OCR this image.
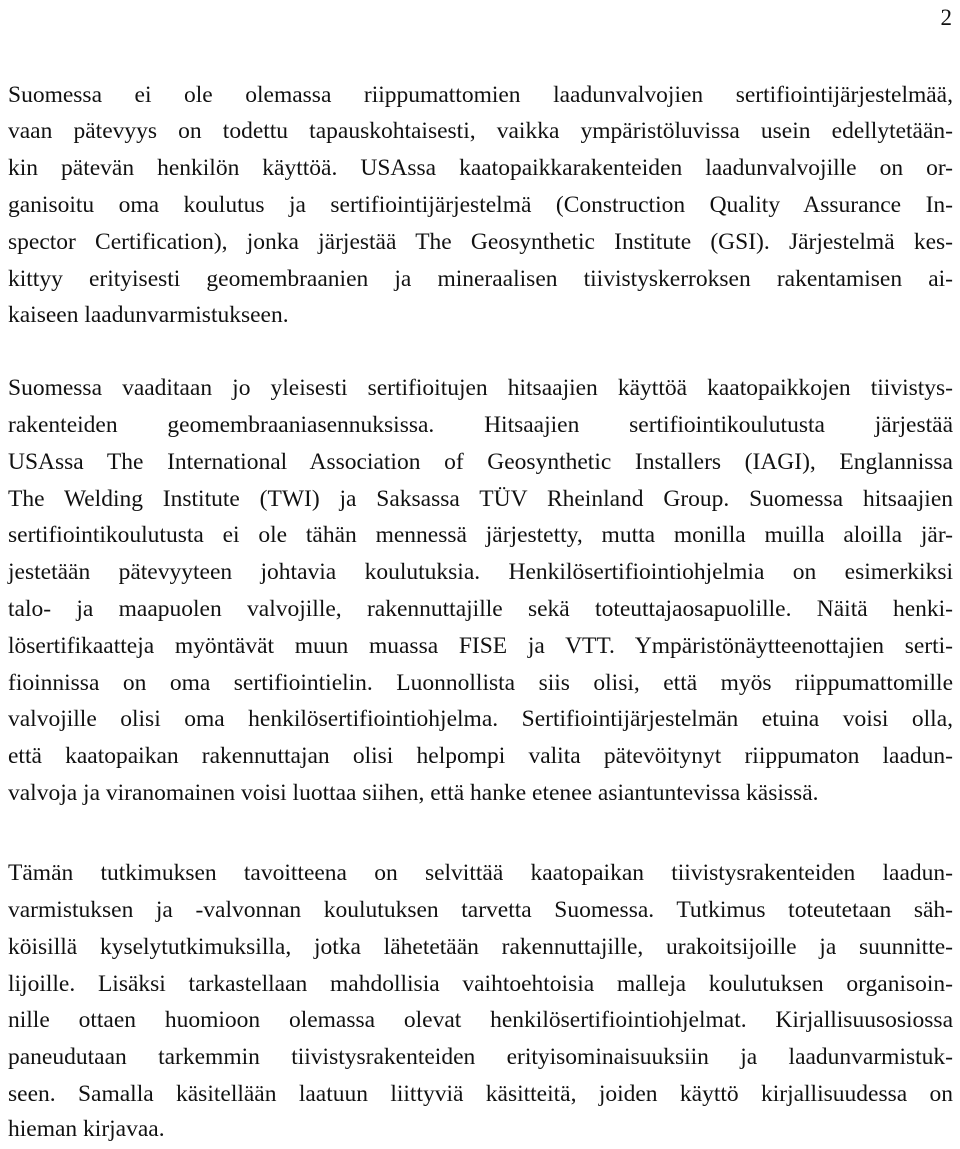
2
Suomessa ei ole olemassa riippumattomien laadunvalvojien sertifiointijärjestelmää,
vaan pätevyys on todettu tapauskohtaisesti, vaikka ympäristöluvissa usein edellytetään-
kin pätevän henkilön käyttöä. USAssa kaatopaikkarakenteiden laadunvalvojille on or-
ganisoitu oma koulutus ja sertifiointijärjestelmä (Construction Quality Assurance In-
spector Certification), jonka järjestää The Geosynthetic Institute (GSI). Järjestelmä kes-
kittyy erityisesti geomembraanien ja mineraalisen tiivistyskerroksen rakentamisen ai-
kaiseen laadunvarmistukseen.
Suomessa vaaditaan jo yleisesti sertifioitujen hitsaajien käyttöä kaatopaikkojen tiivistys-
rakenteiden geomembraaniasennuksissa. Hitsaajien sertifiointikoulutusta järjestää
USAssa The International Association of Geosynthetic Installers (IAGI), Englannissa
The Welding Institute (TWI) ja Saksassa TÜV Rheinland Group. Suomessa hitsaajien
sertifiointikoulutusta ei ole tähän mennessä järjestetty, mutta monilla muilla aloilla jär-
jestetään pätevyyteen johtavia koulutuksia. Henkilösertifiointiohjelmia on esimerkiksi
talo- ja maapuolen valvojille, rakennuttajille sekä toteuttajaosapuolille. Näitä henki-
lösertifikaatteja myöntävät muun muassa FISE ja VTT. Ympäristönäytteenottajien serti-
fioinnissa on oma sertifiointielin. Luonnollista siis olisi, että myös riippumattomille
valvojille olisi oma henkilösertifiointiohjelma. Sertifiointijärjestelmän etuina voisi olla,
että kaatopaikan rakennuttajan olisi helpompi valita pätevöitynyt riippumaton laadun-
valvoja ja viranomainen voisi luottaa siihen, että hanke etenee asiantuntevissa käsissä.
Tämän tutkimuksen tavoitteena on selvittää kaatopaikan tiivistysrakenteiden laadun-
varmistuksen ja -valvonnan koulutuksen tarvetta Suomessa. Tutkimus toteutetaan säh-
köisillä kyselytutkimuksilla, jotka lähetetään rakennuttajille, urakoitsijoille ja suunnitte-
lijoille. Lisäksi tarkastellaan mahdollisia vaihtoehtoisia malleja koulutuksen organisoin-
nille ottaen huomioon olemassa olevat henkilösertifiointiohjelmat. Kirjallisuusosiossa
paneudutaan tarkemmin tiivistysrakenteiden erityisominaisuuksiin ja laadunvarmistuk-
seen. Samalla käsitellään laatuun liittyviä käsitteitä, joiden käyttö kirjallisuudessa on
hieman kirjavaa.
